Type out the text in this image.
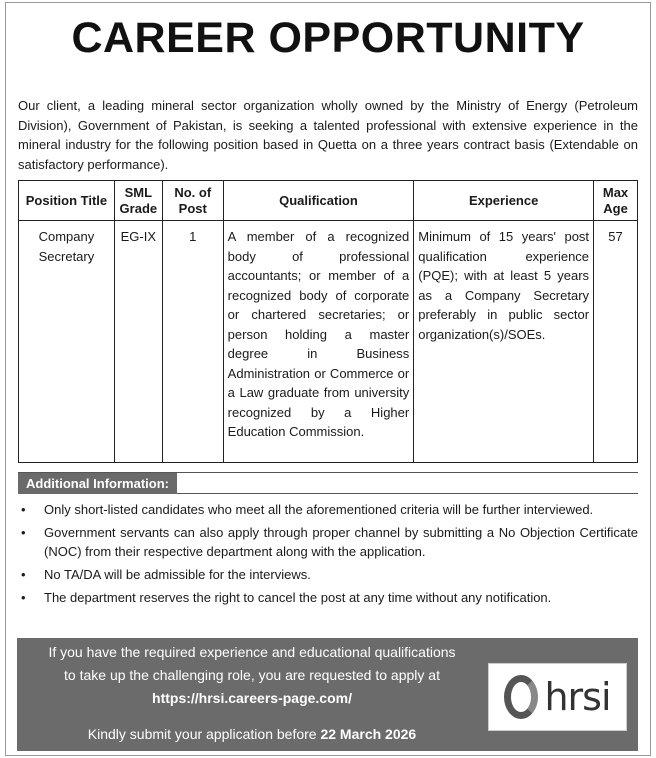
CAREER OPPORTUNITY

Our client, a leading mineral sector organization wholly owned by the Ministry of Energy (Petroleum Division), Government of Pakistan, is seeking a talented professional with extensive experience in the mineral industry for the following position based in Quetta on a three years contract basis (Extendable on satisfactory performance).

Position Title	SML Grade	No. of Post	Qualification	Experience	Max Age
Company Secretary	EG-IX	1	A member of a recognized body of professional accountants; or member of a recognized body of corporate or chartered secretaries; or person holding a master degree in Business Administration or Commerce or a Law graduate from university recognized by a Higher Education Commission.	Minimum of 15 years' post qualification experience (PQE); with at least 5 years as a Company Secretary preferably in public sector organization(s)/SOEs.	57
Additional Information:
• Only short-listed candidates who meet all the aforementioned criteria will be further interviewed.
• Government servants can also apply through proper channel by submitting a No Objection Certificate (NOC) from their respective department along with the application.
• No TA/DA will be admissible for the interviews.
• The department reserves the right to cancel the post at any time without any notification.
If you have the required experience and educational qualifications
to take up the challenging role, you are requested to apply at
https://hrsi.careers-page.com/
Kindly submit your application before 22 March 2026
hrsi
